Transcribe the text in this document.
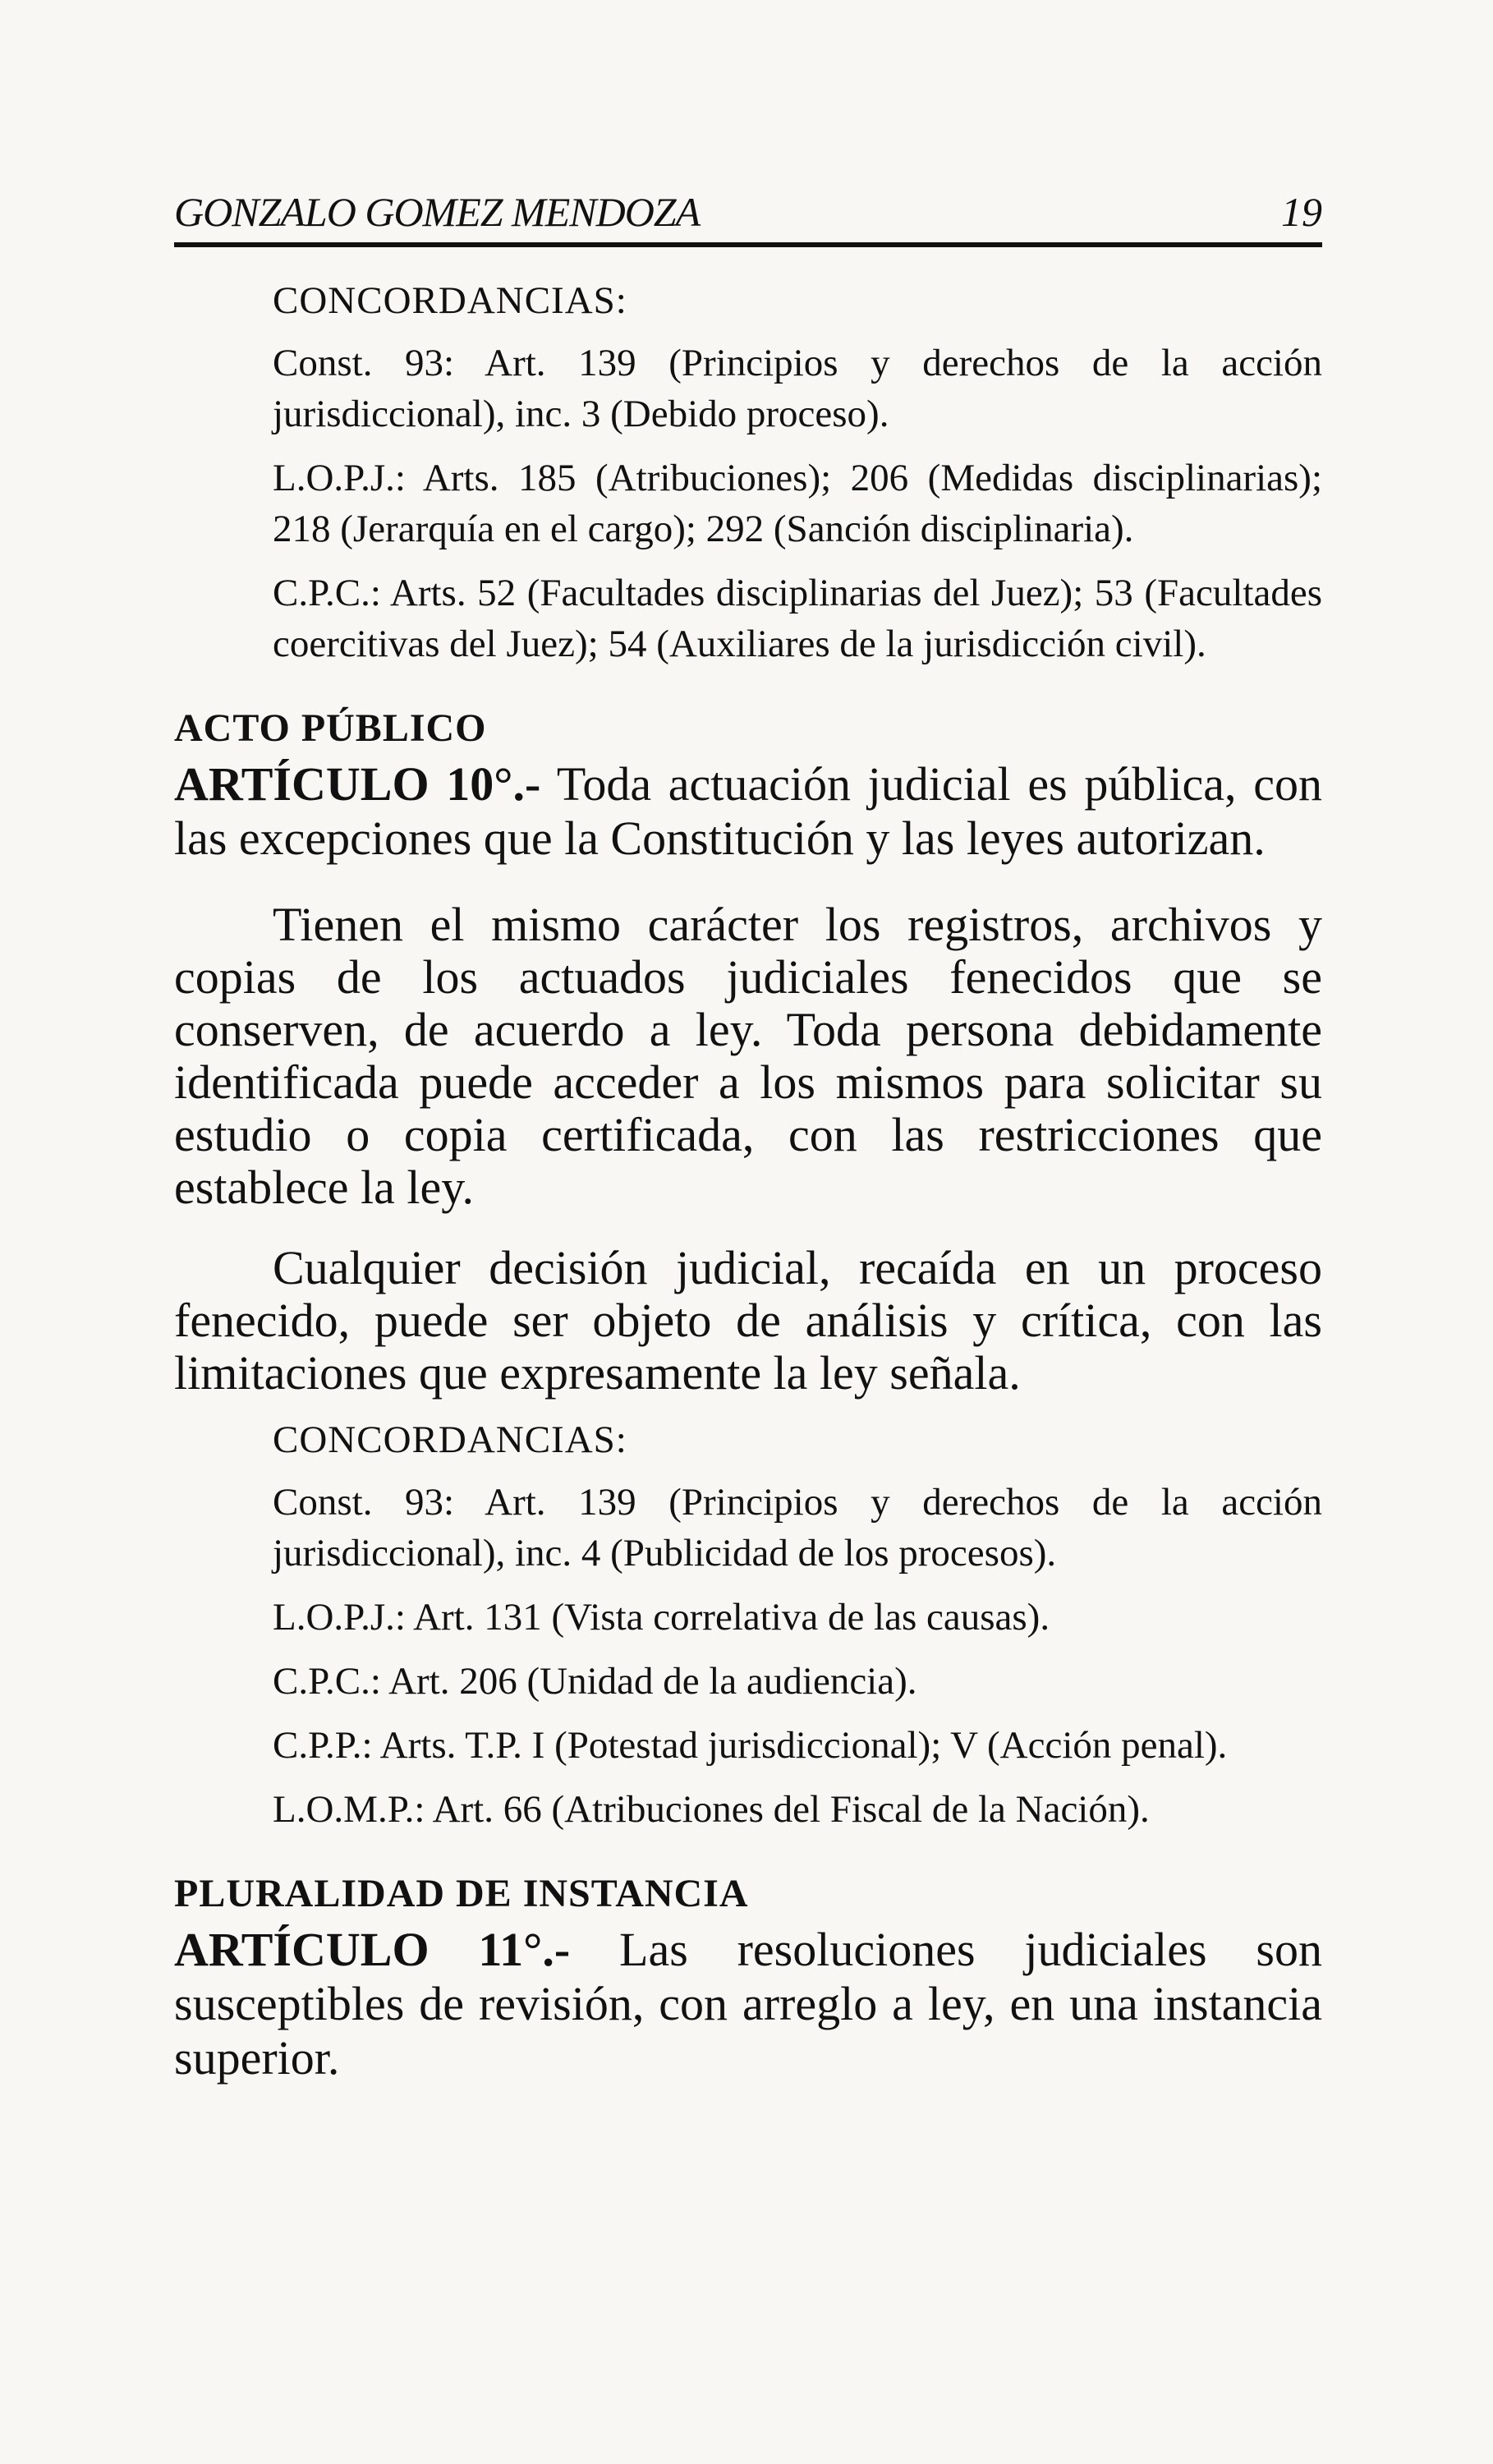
GONZALO GOMEZ MENDOZA	19

CONCORDANCIAS:

Const. 93: Art. 139 (Principios y derechos de la acción jurisdiccional), inc. 3 (Debido proceso).

L.O.P.J.: Arts. 185 (Atribuciones); 206 (Medidas disciplinarias); 218 (Jerarquía en el cargo); 292 (Sanción disciplinaria).

C.P.C.: Arts. 52 (Facultades disciplinarias del Juez); 53 (Facultades coercitivas del Juez); 54 (Auxiliares de la jurisdicción civil).

ACTO PÚBLICO

ARTÍCULO 10°.- Toda actuación judicial es pública, con las excepciones que la Constitución y las leyes autorizan.

Tienen el mismo carácter los registros, archivos y copias de los actuados judiciales fenecidos que se conserven, de acuerdo a ley. Toda persona debidamente identificada puede acceder a los mismos para solicitar su estudio o copia certificada, con las restricciones que establece la ley.

Cualquier decisión judicial, recaída en un proceso fenecido, puede ser objeto de análisis y crítica, con las limitaciones que expresamente la ley señala.

CONCORDANCIAS:

Const. 93: Art. 139 (Principios y derechos de la acción jurisdiccional), inc. 4 (Publicidad de los procesos).

L.O.P.J.: Art. 131 (Vista correlativa de las causas).

C.P.C.: Art. 206 (Unidad de la audiencia).

C.P.P.: Arts. T.P. I (Potestad jurisdiccional); V (Acción penal).

L.O.M.P.: Art. 66 (Atribuciones del Fiscal de la Nación).

PLURALIDAD DE INSTANCIA

ARTÍCULO 11°.- Las resoluciones judiciales son susceptibles de revisión, con arreglo a ley, en una instancia superior.
